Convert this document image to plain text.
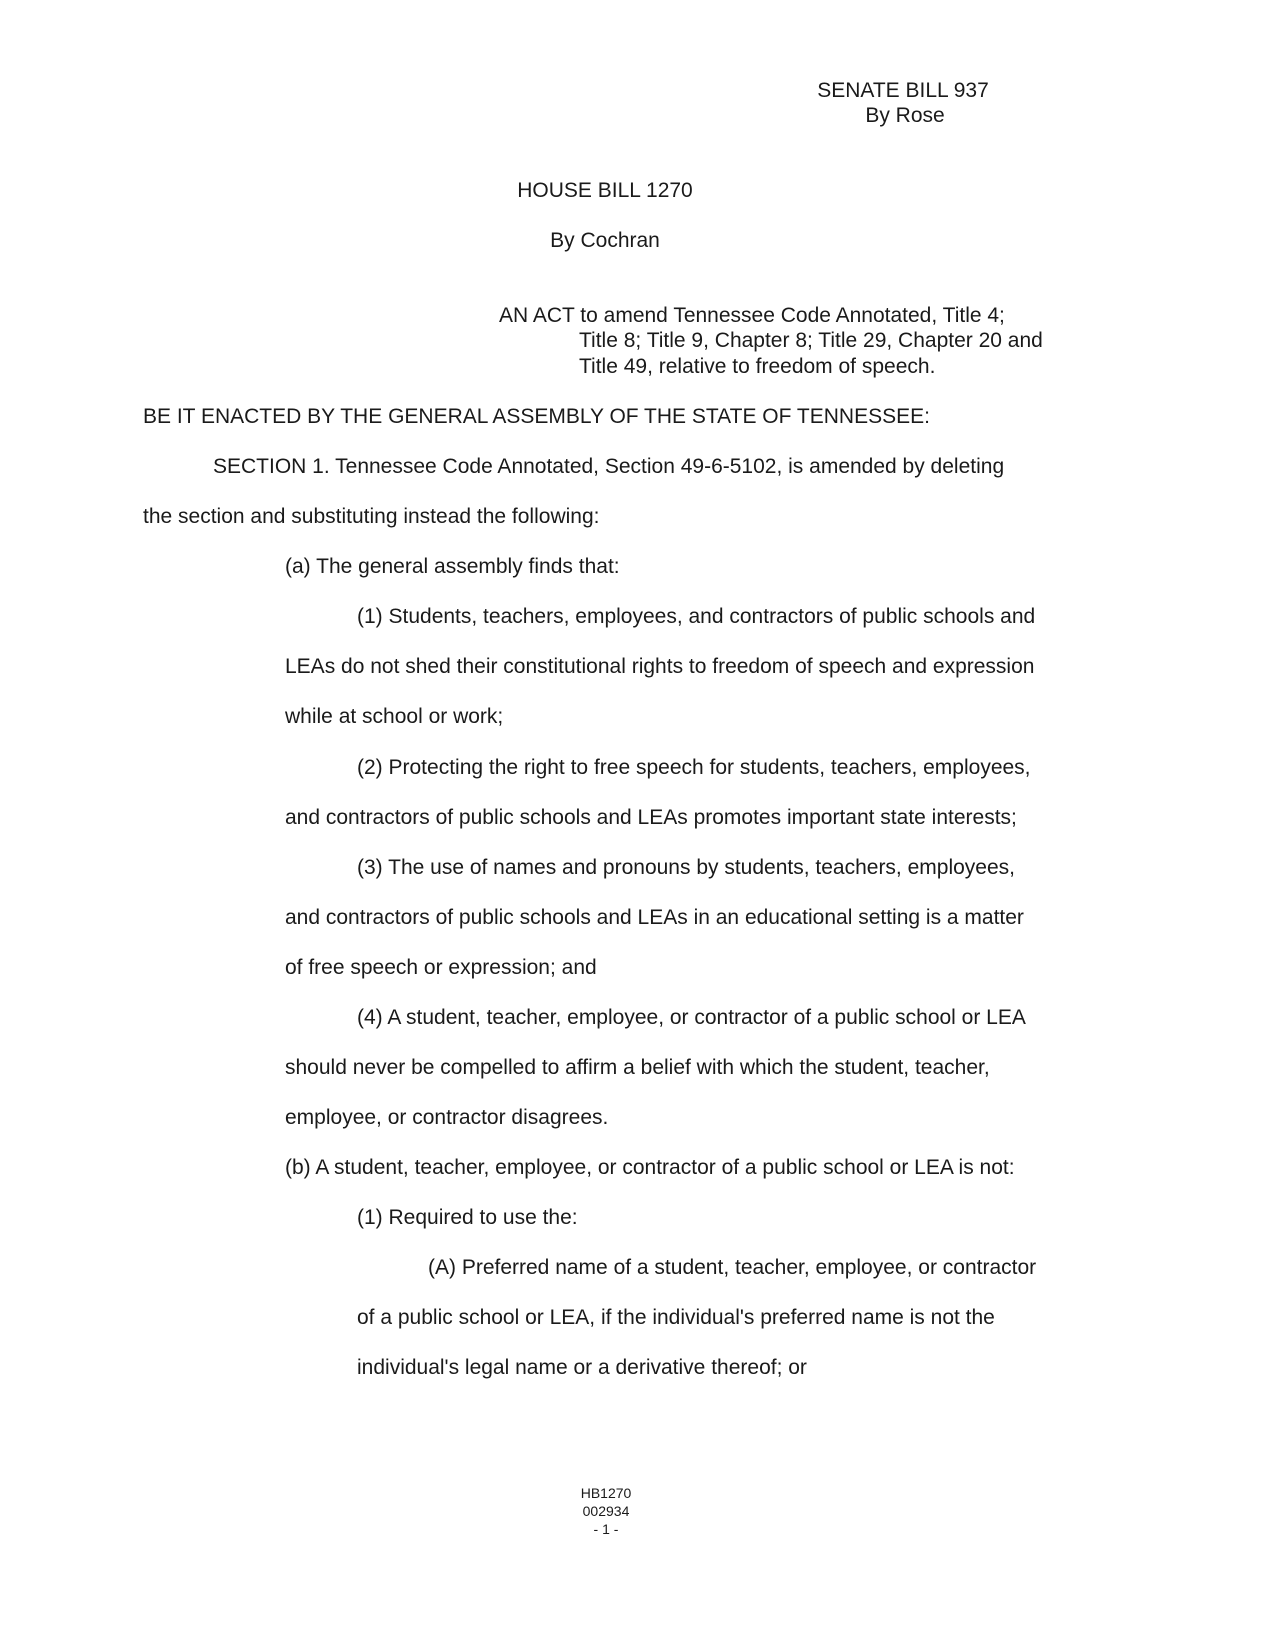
SENATE BILL 937
By Rose
HOUSE BILL 1270
By Cochran
AN ACT to amend Tennessee Code Annotated, Title 4;
Title 8; Title 9, Chapter 8; Title 29, Chapter 20 and
Title 49, relative to freedom of speech.
BE IT ENACTED BY THE GENERAL ASSEMBLY OF THE STATE OF TENNESSEE:
SECTION 1. Tennessee Code Annotated, Section 49-6-5102, is amended by deleting
the section and substituting instead the following:
(a) The general assembly finds that:
(1) Students, teachers, employees, and contractors of public schools and
LEAs do not shed their constitutional rights to freedom of speech and expression
while at school or work;
(2) Protecting the right to free speech for students, teachers, employees,
and contractors of public schools and LEAs promotes important state interests;
(3) The use of names and pronouns by students, teachers, employees,
and contractors of public schools and LEAs in an educational setting is a matter
of free speech or expression; and
(4) A student, teacher, employee, or contractor of a public school or LEA
should never be compelled to affirm a belief with which the student, teacher,
employee, or contractor disagrees.
(b) A student, teacher, employee, or contractor of a public school or LEA is not:
(1) Required to use the:
(A) Preferred name of a student, teacher, employee, or contractor
of a public school or LEA, if the individual's preferred name is not the
individual's legal name or a derivative thereof; or
HB1270
002934
- 1 -
